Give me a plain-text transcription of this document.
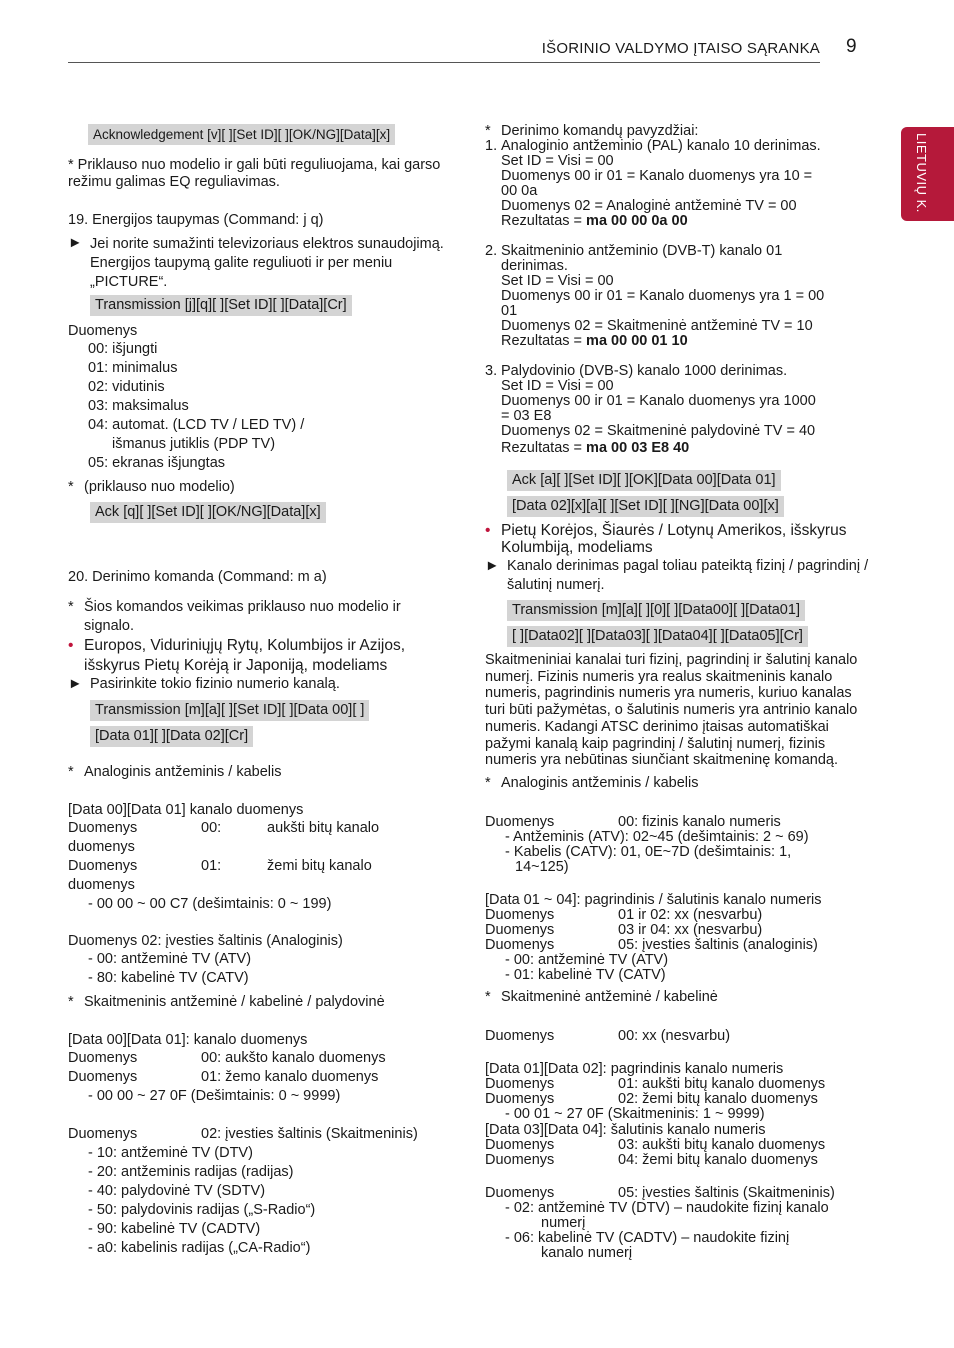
IŠORINIO VALDYMO ĮTAISO SĄRANKA 9
LIETUVIŲ K.
Acknowledgement [v][ ][Set ID][ ][OK/NG][Data][x]

* Priklauso nuo modelio ir gali būti reguliuojama, kai garso režimu galimas EQ reguliavimas.

19. Energijos taupymas (Command: j q)

► Jei norite sumažinti televizoriaus elektros sunaudojimą. Energijos taupymą galite reguliuoti ir per meniu „PICTURE“.
Transmission [j][q][ ][Set ID][ ][Data][Cr]

Duomenys

00: išjungti

01: minimalus

02: vidutinis

03: maksimalus

04: automat. (LCD TV / LED TV) /

išmanus jutiklis (PDP TV)

05: ekranas išjungtas

* (priklauso nuo modelio)
Ack [q][ ][Set ID][ ][OK/NG][Data][x]

20. Derinimo komanda (Command: m a)

* Šios komandos veikimas priklauso nuo modelio ir signalo.
• Europos, Viduriniųjų Rytų, Kolumbijos ir Azijos, išskyrus Pietų Korėją ir Japoniją, modeliams
► Pasirinkite tokio fizinio numerio kanalą.
Transmission [m][a][ ][Set ID][ ][Data 00][ ]
[Data 01][ ][Data 02][Cr]
* Analoginis antžeminis / kabelis

[Data 00][Data 01] kanalo duomenys

Duomenys	00:	aukšti bitų kanalo
duomenys
Duomenys	01:	žemi bitų kanalo
duomenys

- 00 00 ~ 00 C7 (dešimtainis: 0 ~ 199)

Duomenys 02: įvesties šaltinis (Analoginis)

- 00: antžeminė TV (ATV)

- 80: kabelinė TV (CATV)

* Skaitmeninis antžeminė / kabelinė / palydovinė

[Data 00][Data 01]: kanalo duomenys

Duomenys	00: aukšto kanalo duomenys
Duomenys	01: žemo kanalo duomenys

- 00 00 ~ 27 0F (Dešimtainis: 0 ~ 9999)

Duomenys	02: įvesties šaltinis (Skaitmeninis)

- 10: antžeminė TV (DTV)

- 20: antžeminis radijas (radijas)

- 40: palydovinė TV (SDTV)

- 50: palydovinis radijas („S-Radio“)

- 90: kabelinė TV (CADTV)

- a0: kabelinis radijas („CA-Radio“)

* Derinimo komandų pavyzdžiai:
1. Analoginio antžeminio (PAL) kanalo 10 derinimas.

Set ID = Visi = 00

Duomenys 00 ir 01 = Kanalo duomenys yra 10 =

00 0a

Duomenys 02 = Analoginė antžeminė TV = 00

Rezultatas = ma 00 00 0a 00

2. Skaitmeninio antžeminio (DVB-T) kanalo 01

derinimas.

Set ID = Visi = 00

Duomenys 00 ir 01 = Kanalo duomenys yra 1 = 00

01

Duomenys 02 = Skaitmeninė antžeminė TV = 10

Rezultatas = ma 00 00 01 10

3. Palydovinio (DVB-S) kanalo 1000 derinimas.

Set ID = Visi = 00

Duomenys 00 ir 01 = Kanalo duomenys yra 1000

= 03 E8

Duomenys 02 = Skaitmeninė palydovinė TV = 40

Rezultatas = ma 00 03 E8 40

Ack [a][ ][Set ID][ ][OK][Data 00][Data 01]
[Data 02][x][a][ ][Set ID][ ][NG][Data 00][x]
• Pietų Korėjos, Šiaurės / Lotynų Amerikos, išskyrus Kolumbiją, modeliams
► Kanalo derinimas pagal toliau pateiktą fizinį / pagrindinį / šalutinį numerį.
Transmission [m][a][ ][0][ ][Data00][ ][Data01]
[ ][Data02][ ][Data03][ ][Data04][ ][Data05][Cr]

Skaitmeniniai kanalai turi fizinį, pagrindinį ir šalutinį kanalo numerį. Fizinis numeris yra realus skaitmeninis kanalo numeris, pagrindinis numeris yra numeris, kuriuo kanalas turi būti pažymėtas, o šalutinis numeris yra antrinio kanalo numeris. Kadangi ATSC derinimo įtaisas automatiškai pažymi kanalą kaip pagrindinį / šalutinį numerį, fizinis numeris yra nebūtinas siunčiant skaitmeninę komandą.

* Analoginis antžeminis / kabelis
Duomenys	00: fizinis kanalo numeris

- Antžeminis (ATV): 02~45 (dešimtainis: 2 ~ 69)

- Kabelis (CATV): 01, 0E~7D (dešimtainis: 1,

14~125)

[Data 01 ~ 04]: pagrindinis / šalutinis kanalo numeris

Duomenys	01 ir 02: xx (nesvarbu)
Duomenys	03 ir 04: xx (nesvarbu)
Duomenys	05: įvesties šaltinis (analoginis)

- 00: antžeminė TV (ATV)

- 01: kabelinė TV (CATV)

* Skaitmeninė antžeminė / kabelinė
Duomenys	00: xx (nesvarbu)

[Data 01][Data 02]: pagrindinis kanalo numeris

Duomenys	01: aukšti bitų kanalo duomenys
Duomenys	02: žemi bitų kanalo duomenys

- 00 01 ~ 27 0F (Skaitmeninis: 1 ~ 9999)

[Data 03][Data 04]: šalutinis kanalo numeris

Duomenys	03: aukšti bitų kanalo duomenys
Duomenys	04: žemi bitų kanalo duomenys
Duomenys	05: įvesties šaltinis (Skaitmeninis)

- 02: antžeminė TV (DTV) – naudokite fizinį kanalo

numerį

- 06: kabelinė TV (CADTV) – naudokite fizinį

kanalo numerį
